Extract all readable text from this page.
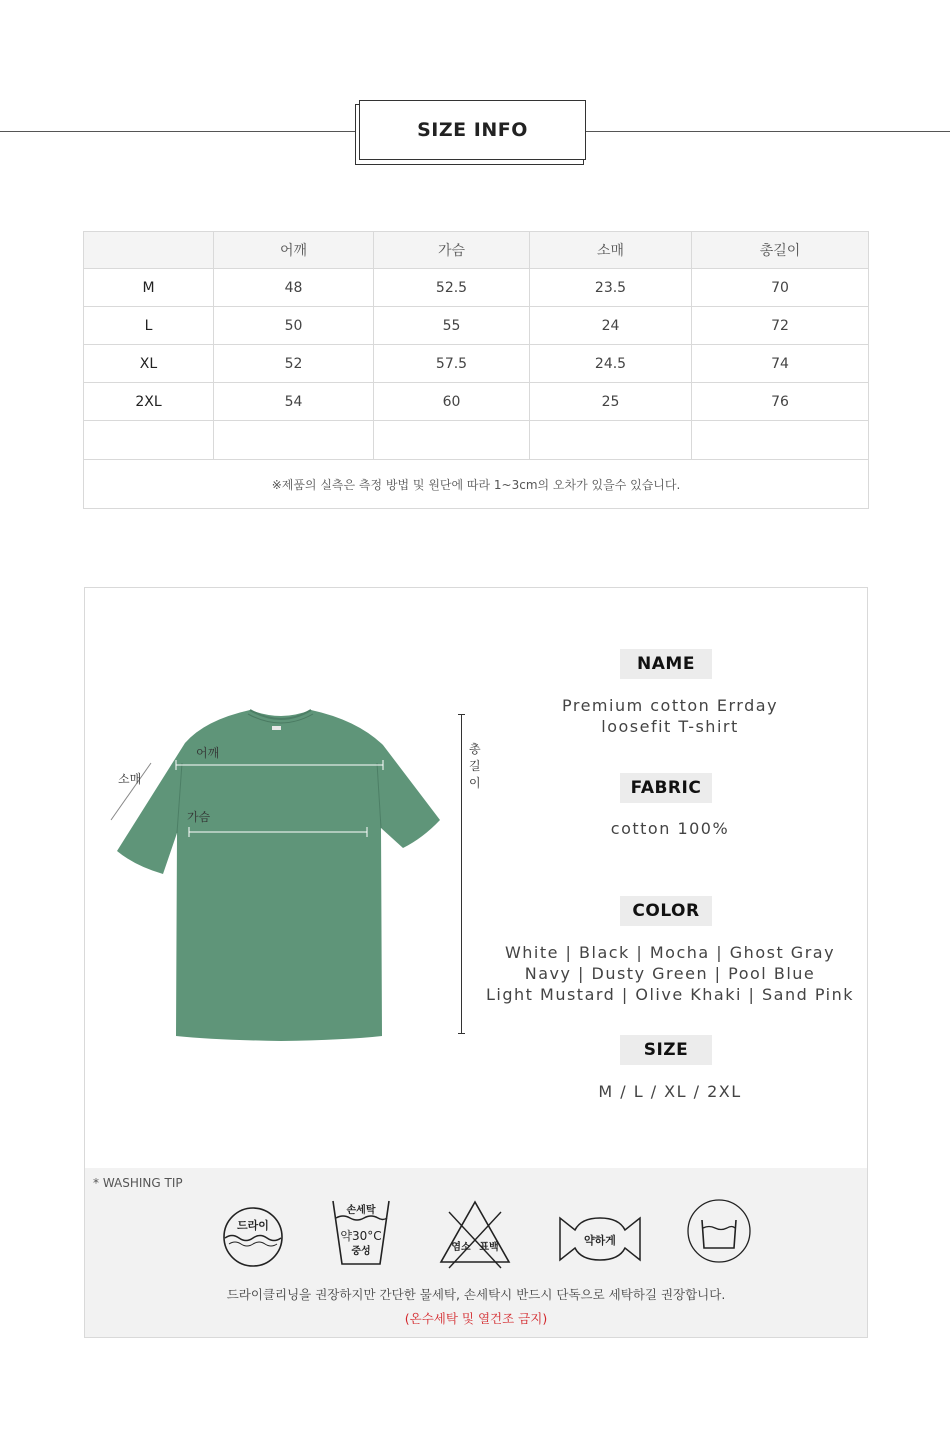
SIZE INFO
	어깨	가슴	소매	총길이
M	48	52.5	23.5	70
L	50	55	24	72
XL	52	57.5	24.5	74
2XL	54	60	25	76

※제품의 실측은 측정 방법 및 원단에 따라 1~3cm의 오차가 있을수 있습니다.				
어깨
가슴
소매
총길이
NAME
Premium cotton Errday
loosefit T-shirt
FABRIC
cotton 100%
COLOR
White | Black | Mocha | Ghost Gray
Navy | Dusty Green | Pool Blue
Light Mustard | Olive Khaki | Sand Pink
SIZE
M / L / XL / 2XL
* WASHING TIP
드라이
손세탁
약30°C
중성	염소 표백
약하게
드라이클리닝을 권장하지만 간단한 물세탁, 손세탁시 반드시 단독으로 세탁하길 권장합니다.
(온수세탁 및 열건조 금지)
